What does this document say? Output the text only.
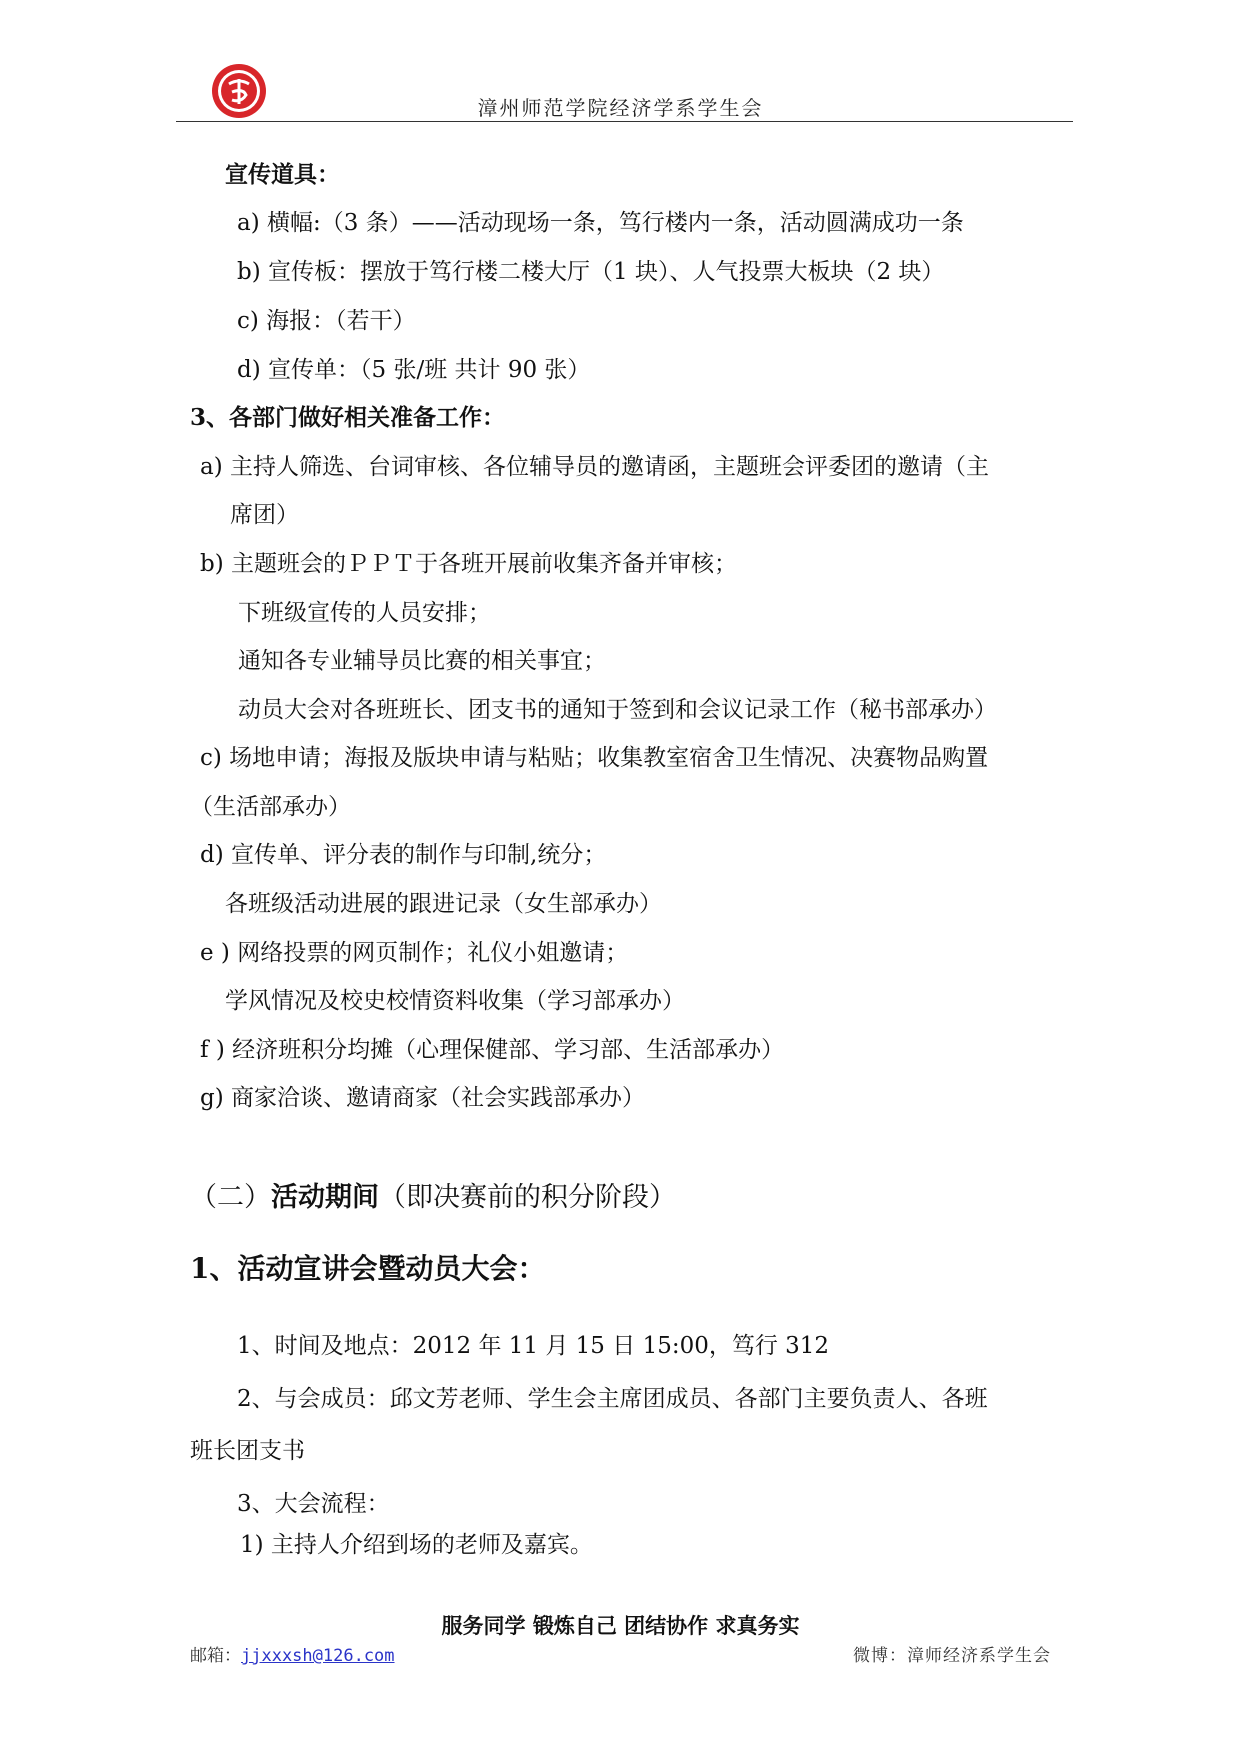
漳州师范学院经济学系学生会
宣传道具：
a) 横幅:（3 条）——活动现场一条，笃行楼内一条，活动圆满成功一条
b) 宣传板：摆放于笃行楼二楼大厅（1 块）、人气投票大板块（2 块）
c) 海报：（若干）
d) 宣传单：（5 张/班 共计 90 张）
3、各部门做好相关准备工作：
a) 主持人筛选、台词审核、各位辅导员的邀请函，主题班会评委团的邀请（主
席团）
b) 主题班会的ＰＰＴ于各班开展前收集齐备并审核；
下班级宣传的人员安排；
通知各专业辅导员比赛的相关事宜；
动员大会对各班班长、团支书的通知于签到和会议记录工作（秘书部承办）
c) 场地申请；海报及版块申请与粘贴；收集教室宿舍卫生情况、决赛物品购置
（生活部承办）
d) 宣传单、评分表的制作与印制,统分；
各班级活动进展的跟进记录（女生部承办）
e ) 网络投票的网页制作；礼仪小姐邀请；
学风情况及校史校情资料收集（学习部承办）
f ) 经济班积分均摊（心理保健部、学习部、生活部承办）
g) 商家洽谈、邀请商家（社会实践部承办）
（二）活动期间（即决赛前的积分阶段）
1、活动宣讲会暨动员大会：
1、时间及地点：2012 年 11 月 15 日 15:00，笃行 312
2、与会成员：邱文芳老师、学生会主席团成员、各部门主要负责人、各班
班长团支书
3、大会流程：
1) 主持人介绍到场的老师及嘉宾。
服务同学 锻炼自己 团结协作 求真务实
邮箱：jjxxxsh@126.com	微博：漳师经济系学生会
